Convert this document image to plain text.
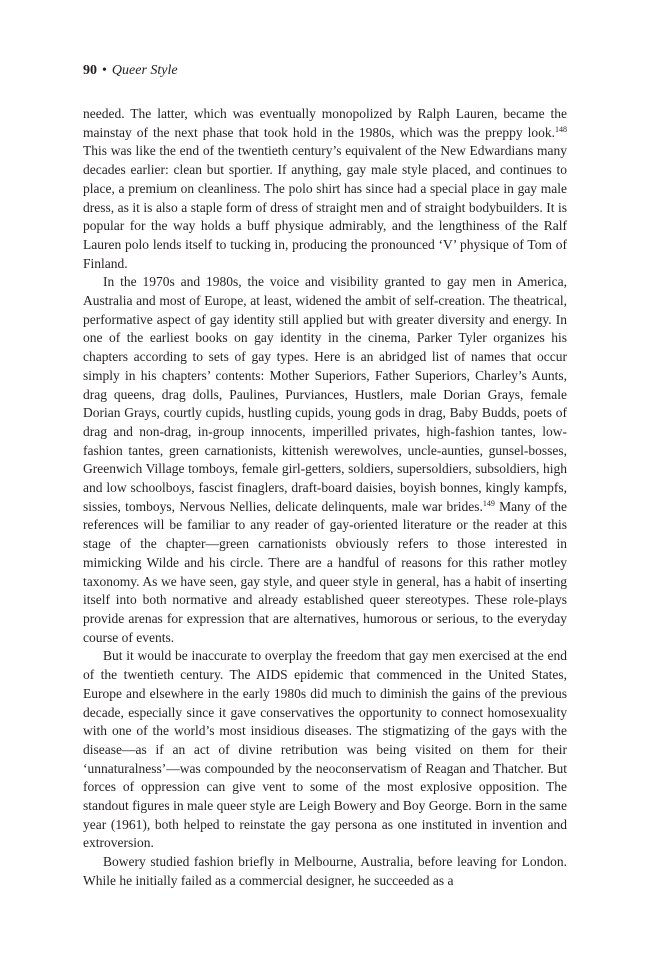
90 • Queer Style

needed. The latter, which was eventually monopolized by Ralph Lauren, became the mainstay of the next phase that took hold in the 1980s, which was the preppy look.$^{148}$ This was like the end of the twentieth century’s equivalent of the New Edwardians many decades earlier: clean but sportier. If anything, gay male style placed, and continues to place, a premium on cleanliness. The polo shirt has since had a special place in gay male dress, as it is also a staple form of dress of straight men and of straight bodybuilders. It is popular for the way holds a buff physique admirably, and the lengthiness of the Ralf Lauren polo lends itself to tucking in, producing the pronounced ‘V’ physique of Tom of Finland.

In the 1970s and 1980s, the voice and visibility granted to gay men in America, Australia and most of Europe, at least, widened the ambit of self-creation. The theatrical, performative aspect of gay identity still applied but with greater diversity and energy. In one of the earliest books on gay identity in the cinema, Parker Tyler organizes his chapters according to sets of gay types. Here is an abridged list of names that occur simply in his chapters’ contents: Mother Superiors, Father Superiors, Charley’s Aunts, drag queens, drag dolls, Paulines, Purviances, Hustlers, male Dorian Grays, female Dorian Grays, courtly cupids, hustling cupids, young gods in drag, Baby Budds, poets of drag and non-drag, in-group innocents, imperilled privates, high-fashion tantes, low-fashion tantes, green carnationists, kittenish werewolves, uncle-aunties, gunsel-bosses, Greenwich Village tomboys, female girl-getters, soldiers, supersoldiers, subsoldiers, high and low schoolboys, fascist finaglers, draft-board daisies, boyish bonnes, kingly kampfs, sissies, tomboys, Nervous Nellies, delicate delinquents, male war brides.$^{149}$ Many of the references will be familiar to any reader of gay-oriented literature or the reader at this stage of the chapter—green carnationists obviously refers to those interested in mimicking Wilde and his circle. There are a handful of reasons for this rather motley taxonomy. As we have seen, gay style, and queer style in general, has a habit of inserting itself into both normative and already established queer stereotypes. These role-plays provide arenas for expression that are alternatives, humorous or serious, to the everyday course of events.

But it would be inaccurate to overplay the freedom that gay men exercised at the end of the twentieth century. The AIDS epidemic that commenced in the United States, Europe and elsewhere in the early 1980s did much to diminish the gains of the previous decade, especially since it gave conservatives the opportunity to connect homosexuality with one of the world’s most insidious diseases. The stigmatizing of the gays with the disease—as if an act of divine retribution was being visited on them for their ‘unnaturalness’—was compounded by the neoconservatism of Reagan and Thatcher. But forces of oppression can give vent to some of the most explosive opposition. The standout figures in male queer style are Leigh Bowery and Boy George. Born in the same year (1961), both helped to reinstate the gay persona as one instituted in invention and extroversion.

Bowery studied fashion briefly in Melbourne, Australia, before leaving for London. While he initially failed as a commercial designer, he succeeded as a
